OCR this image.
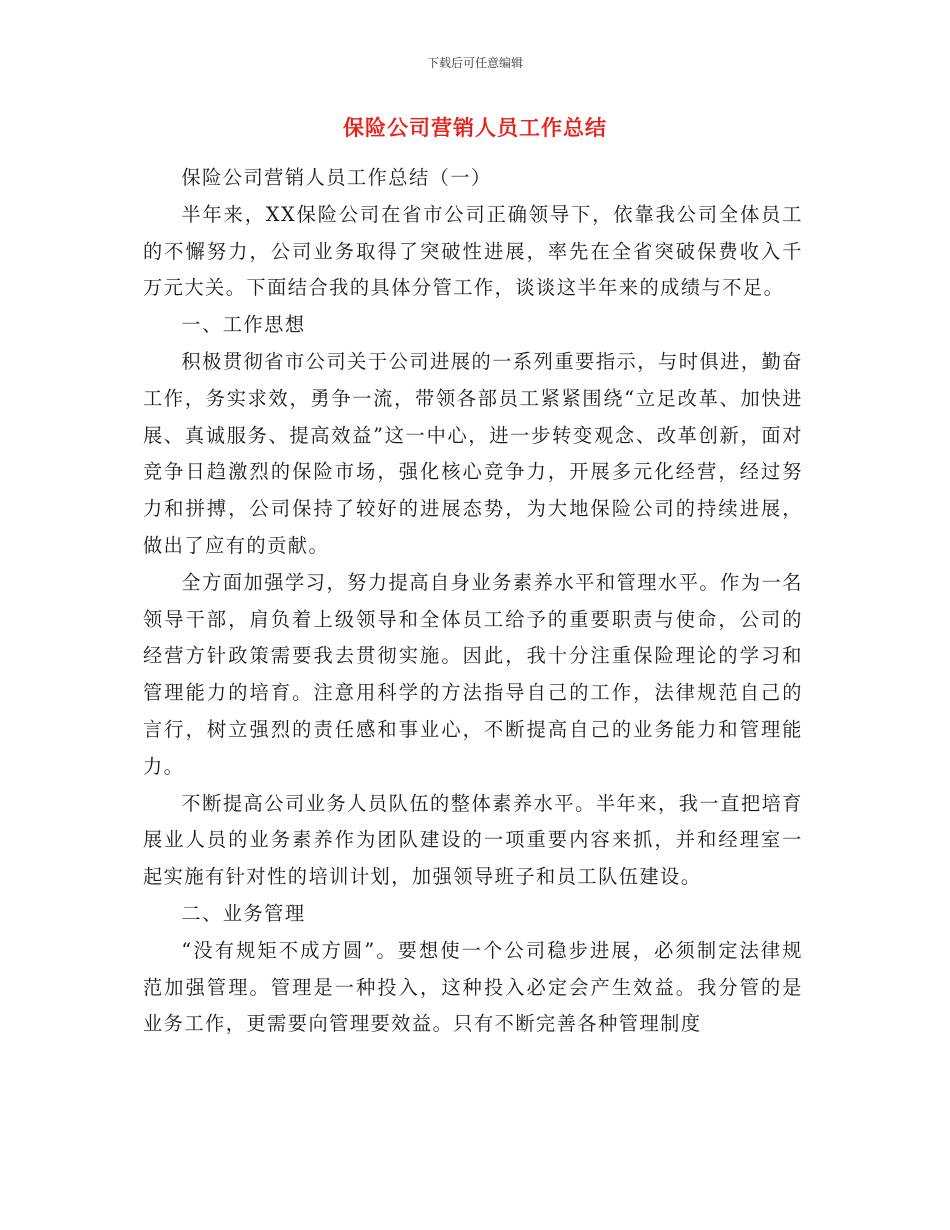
下载后可任意编辑
保险公司营销人员工作总结

保险公司营销人员工作总结（一）

半年来，XX保险公司在省市公司正确领导下，依靠我公司全体员工的不懈努力，公司业务取得了突破性进展，率先在全省突破保费收入千万元大关。下面结合我的具体分管工作，谈谈这半年来的成绩与不足。

一、工作思想

积极贯彻省市公司关于公司进展的一系列重要指示，与时俱进，勤奋工作，务实求效，勇争一流，带领各部员工紧紧围绕“立足改革、加快进展、真诚服务、提高效益”这一中心，进一步转变观念、改革创新，面对竞争日趋激烈的保险市场，强化核心竞争力，开展多元化经营，经过努力和拼搏，公司保持了较好的进展态势，为大地保险公司的持续进展，做出了应有的贡献。

全方面加强学习，努力提高自身业务素养水平和管理水平。作为一名领导干部，肩负着上级领导和全体员工给予的重要职责与使命，公司的经营方针政策需要我去贯彻实施。因此，我十分注重保险理论的学习和管理能力的培育。注意用科学的方法指导自己的工作，法律规范自己的言行，树立强烈的责任感和事业心，不断提高自己的业务能力和管理能力。

不断提高公司业务人员队伍的整体素养水平。半年来，我一直把培育展业人员的业务素养作为团队建设的一项重要内容来抓，并和经理室一起实施有针对性的培训计划，加强领导班子和员工队伍建设。

二、业务管理

“没有规矩不成方圆”。要想使一个公司稳步进展，必须制定法律规范加强管理。管理是一种投入，这种投入必定会产生效益。我分管的是业务工作，更需要向管理要效益。只有不断完善各种管理制度
